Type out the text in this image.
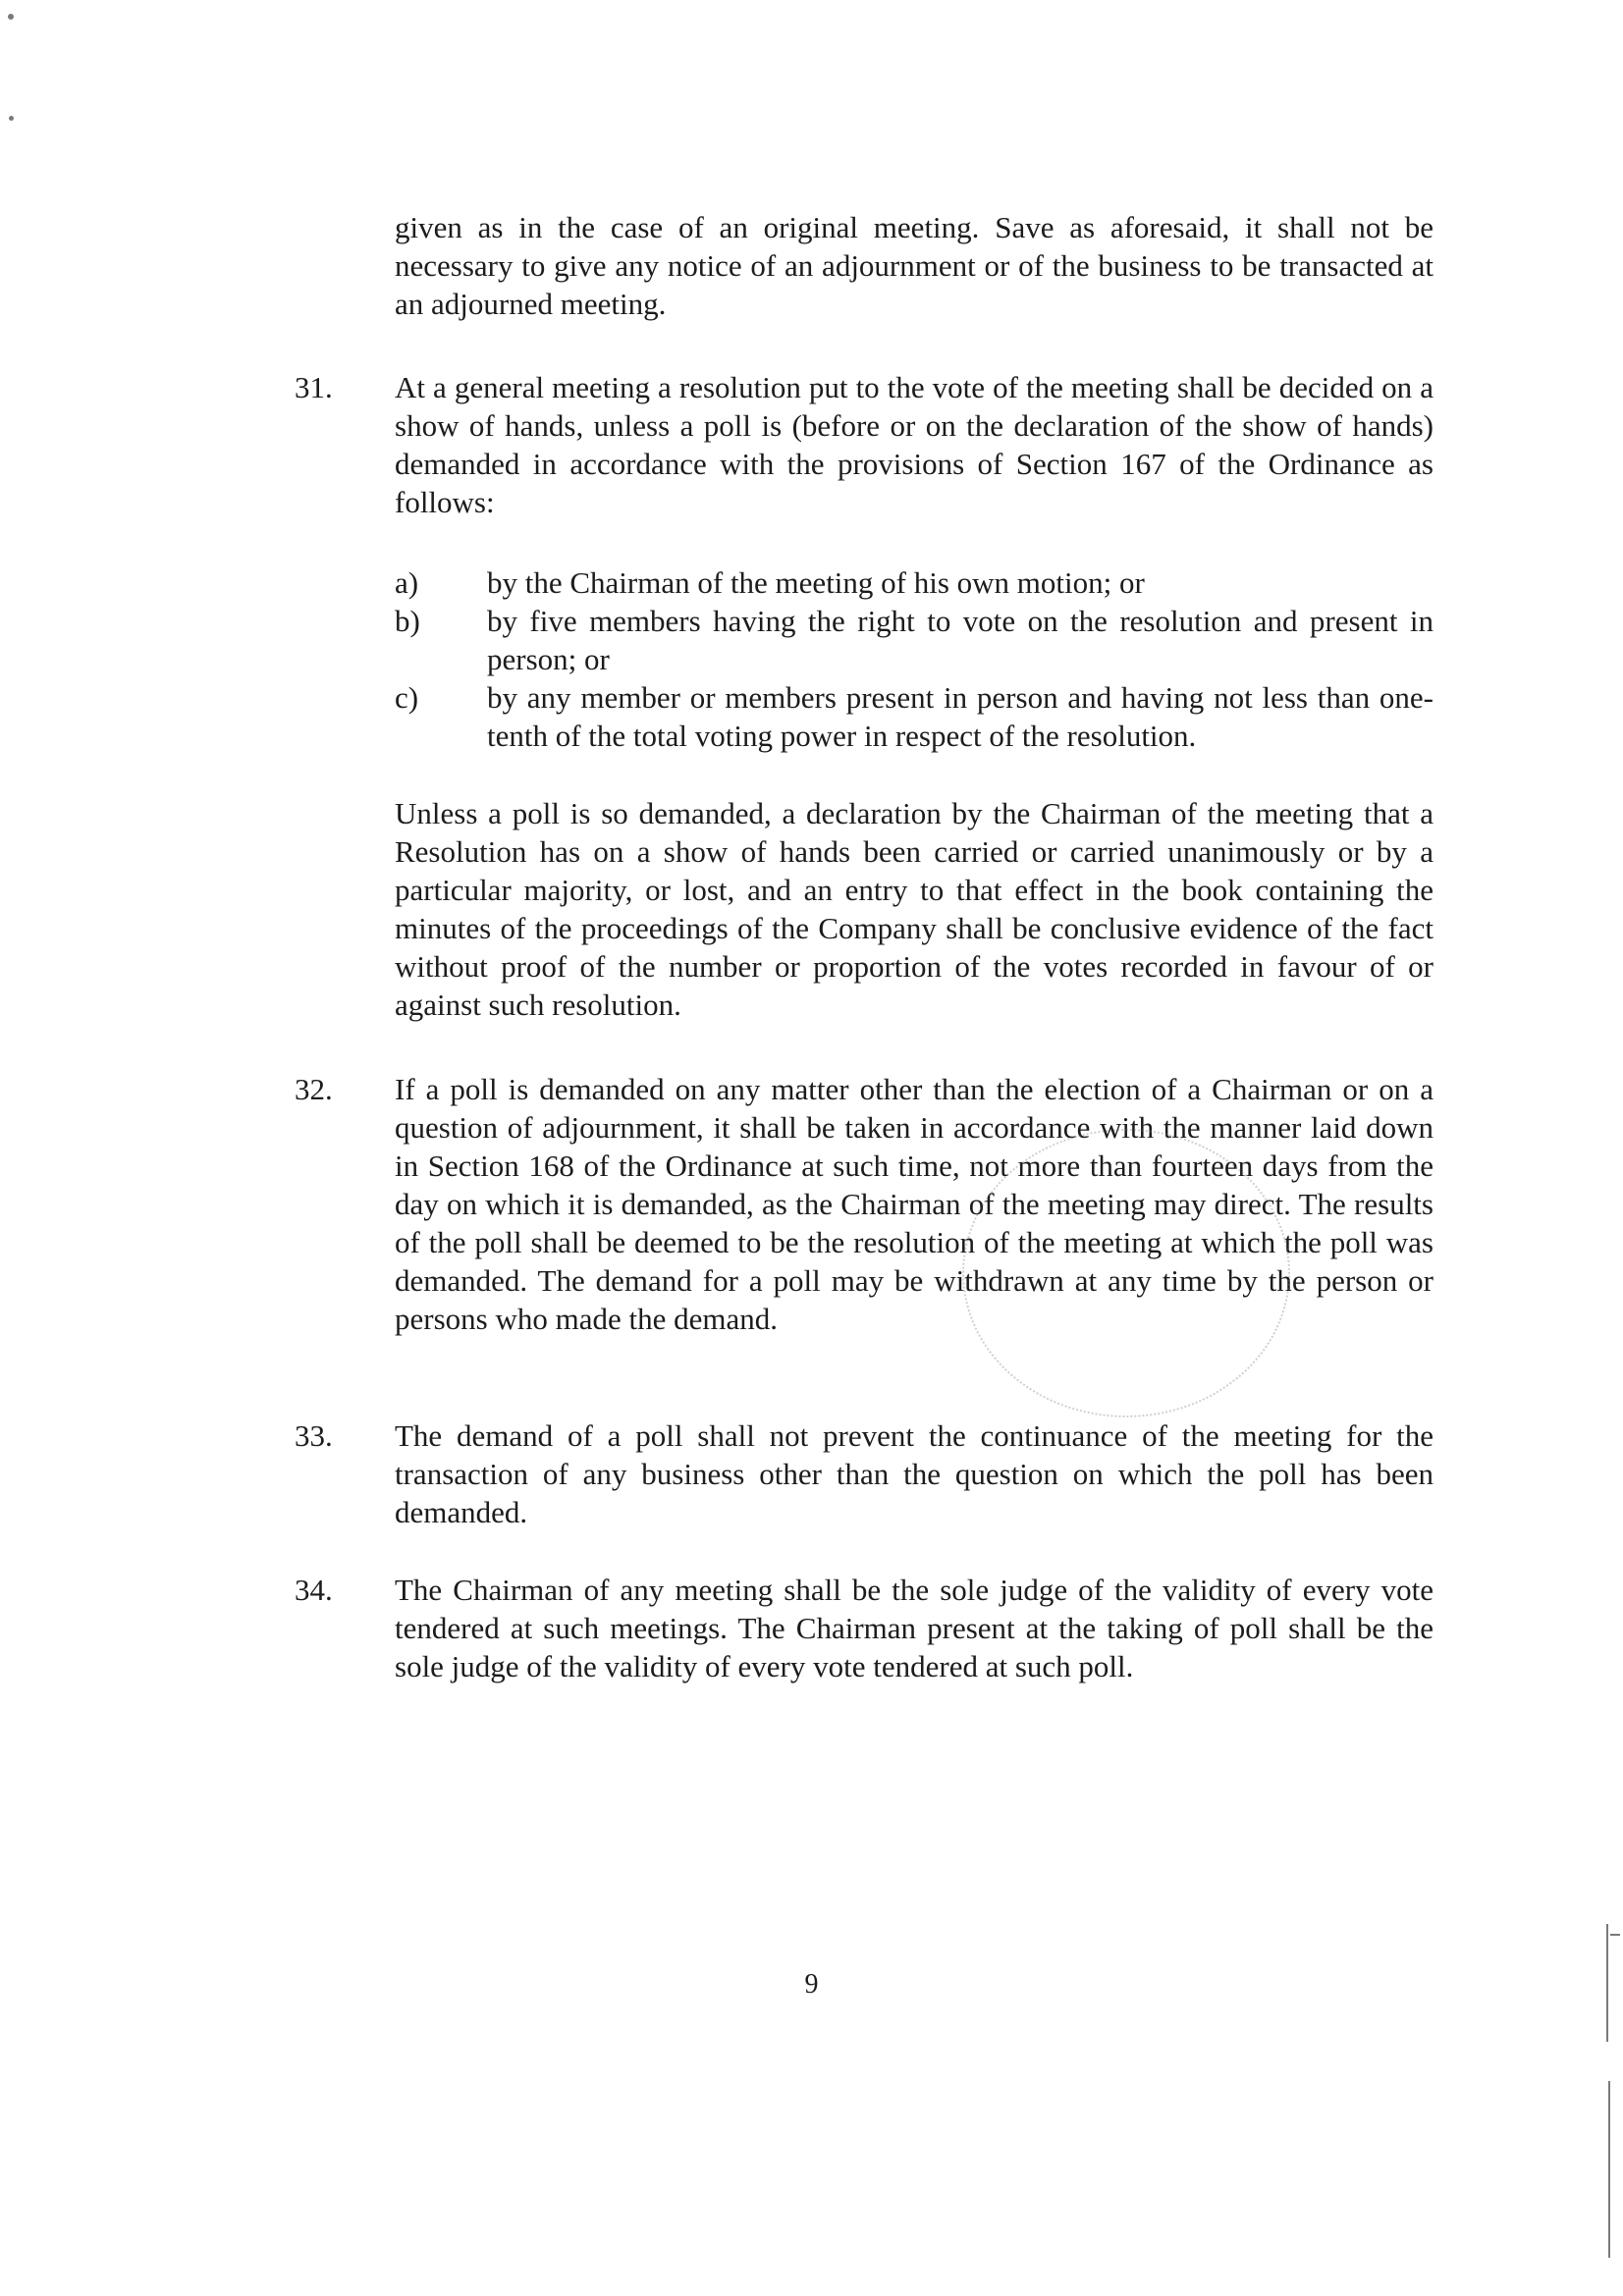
given as in the case of an original meeting. Save as aforesaid, it shall not be necessary to give any notice of an adjournment or of the business to be transacted at an adjourned meeting.

31. At a general meeting a resolution put to the vote of the meeting shall be decided on a show of hands, unless a poll is (before or on the declaration of the show of hands) demanded in accordance with the provisions of Section 167 of the Ordinance as follows:

a) by the Chairman of the meeting of his own motion; or

b) by five members having the right to vote on the resolution and present in person; or

c) by any member or members present in person and having not less than one-tenth of the total voting power in respect of the resolution.

Unless a poll is so demanded, a declaration by the Chairman of the meeting that a Resolution has on a show of hands been carried or carried unanimously or by a particular majority, or lost, and an entry to that effect in the book containing the minutes of the proceedings of the Company shall be conclusive evidence of the fact without proof of the number or proportion of the votes recorded in favour of or against such resolution.

32. If a poll is demanded on any matter other than the election of a Chairman or on a question of adjournment, it shall be taken in accordance with the manner laid down in Section 168 of the Ordinance at such time, not more than fourteen days from the day on which it is demanded, as the Chairman of the meeting may direct. The results of the poll shall be deemed to be the resolution of the meeting at which the poll was demanded. The demand for a poll may be withdrawn at any time by the person or persons who made the demand.

33. The demand of a poll shall not prevent the continuance of the meeting for the transaction of any business other than the question on which the poll has been demanded.

34. The Chairman of any meeting shall be the sole judge of the validity of every vote tendered at such meetings. The Chairman present at the taking of poll shall be the sole judge of the validity of every vote tendered at such poll.

9
